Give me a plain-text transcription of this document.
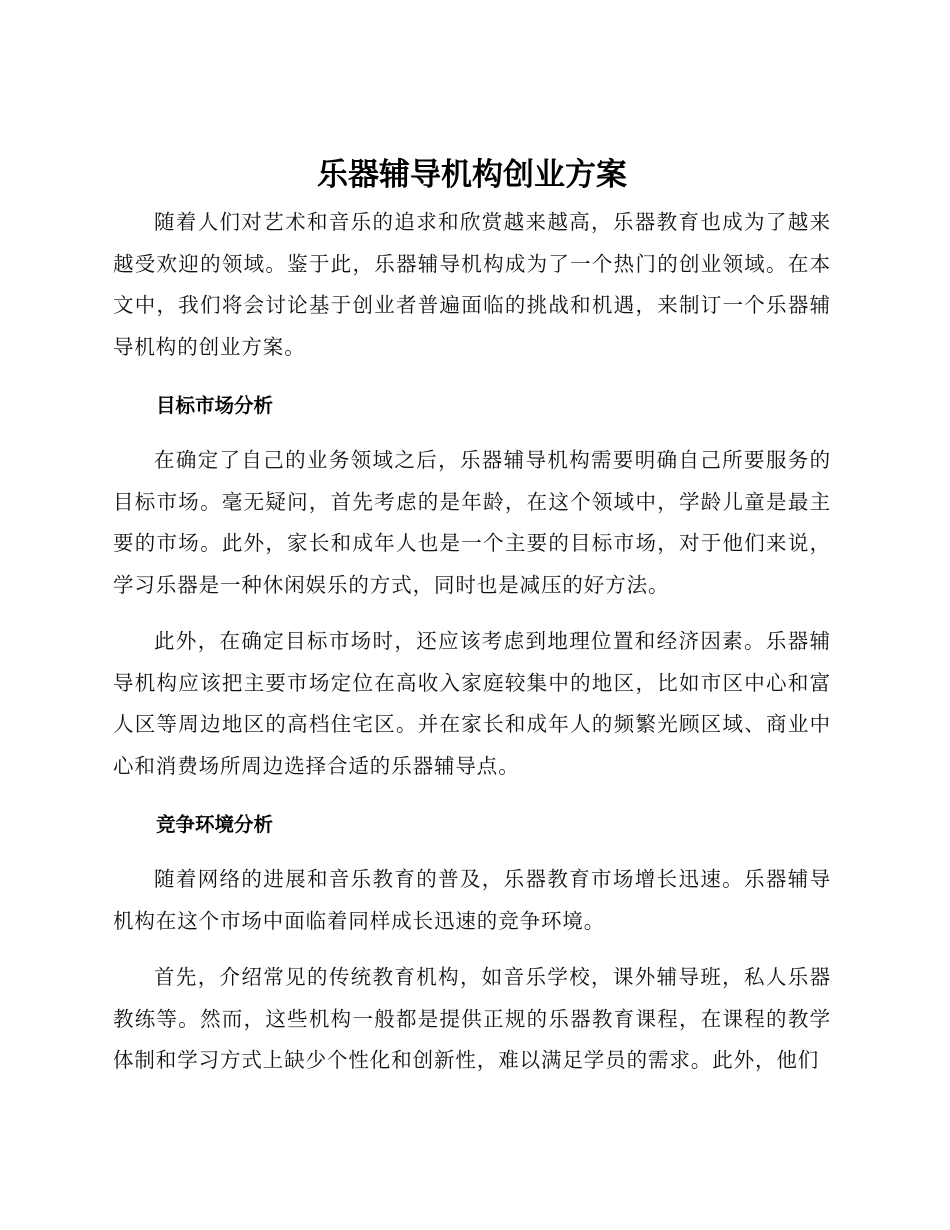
乐器辅导机构创业方案

随着人们对艺术和音乐的追求和欣赏越来越高，乐器教育也成为了越来越受欢迎的领域。鉴于此，乐器辅导机构成为了一个热门的创业领域。在本文中，我们将会讨论基于创业者普遍面临的挑战和机遇，来制订一个乐器辅导机构的创业方案。

目标市场分析

在确定了自己的业务领域之后，乐器辅导机构需要明确自己所要服务的目标市场。毫无疑问，首先考虑的是年龄，在这个领域中，学龄儿童是最主要的市场。此外，家长和成年人也是一个主要的目标市场，对于他们来说，学习乐器是一种休闲娱乐的方式，同时也是减压的好方法。

此外，在确定目标市场时，还应该考虑到地理位置和经济因素。乐器辅导机构应该把主要市场定位在高收入家庭较集中的地区，比如市区中心和富人区等周边地区的高档住宅区。并在家长和成年人的频繁光顾区域、商业中心和消费场所周边选择合适的乐器辅导点。

竞争环境分析

随着网络的进展和音乐教育的普及，乐器教育市场增长迅速。乐器辅导机构在这个市场中面临着同样成长迅速的竞争环境。

首先，介绍常见的传统教育机构，如音乐学校，课外辅导班，私人乐器教练等。然而，这些机构一般都是提供正规的乐器教育课程，在课程的教学体制和学习方式上缺少个性化和创新性，难以满足学员的需求。此外，他们
